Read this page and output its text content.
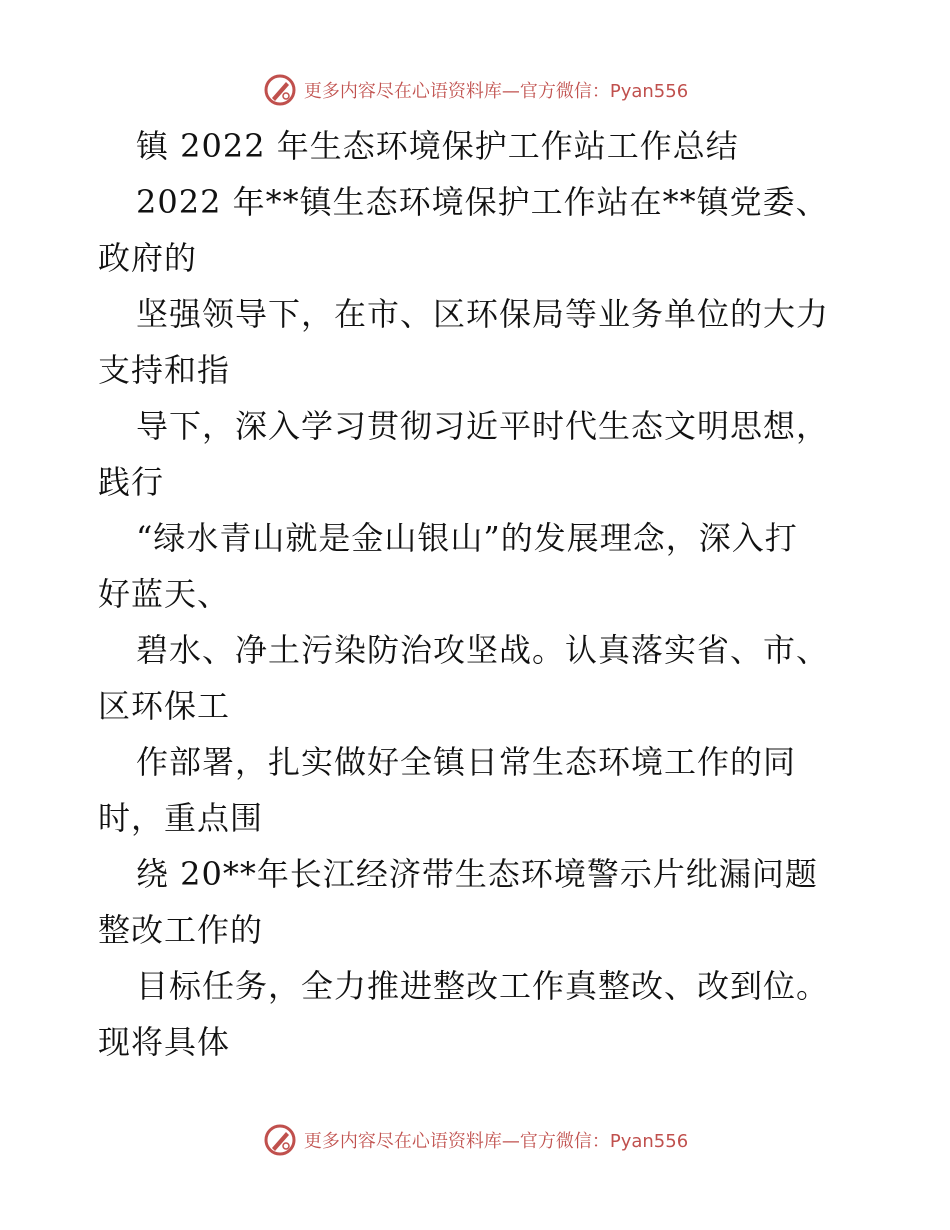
更多内容尽在心语资料库—官方微信：Pyan556
镇 2022 年生态环境保护工作站工作总结
2022 年**镇生态环境保护工作站在**镇党委、
政府的
坚强领导下，在市、区环保局等业务单位的大力
支持和指
导下，深入学习贯彻习近平时代生态文明思想，
践行
“绿水青山就是金山银山”的发展理念，深入打
好蓝天、
碧水、净土污染防治攻坚战。认真落实省、市、
区环保工
作部署，扎实做好全镇日常生态环境工作的同
时，重点围
绕 20**年长江经济带生态环境警示片纰漏问题
整改工作的
目标任务，全力推进整改工作真整改、改到位。
现将具体
更多内容尽在心语资料库—官方微信：Pyan556
